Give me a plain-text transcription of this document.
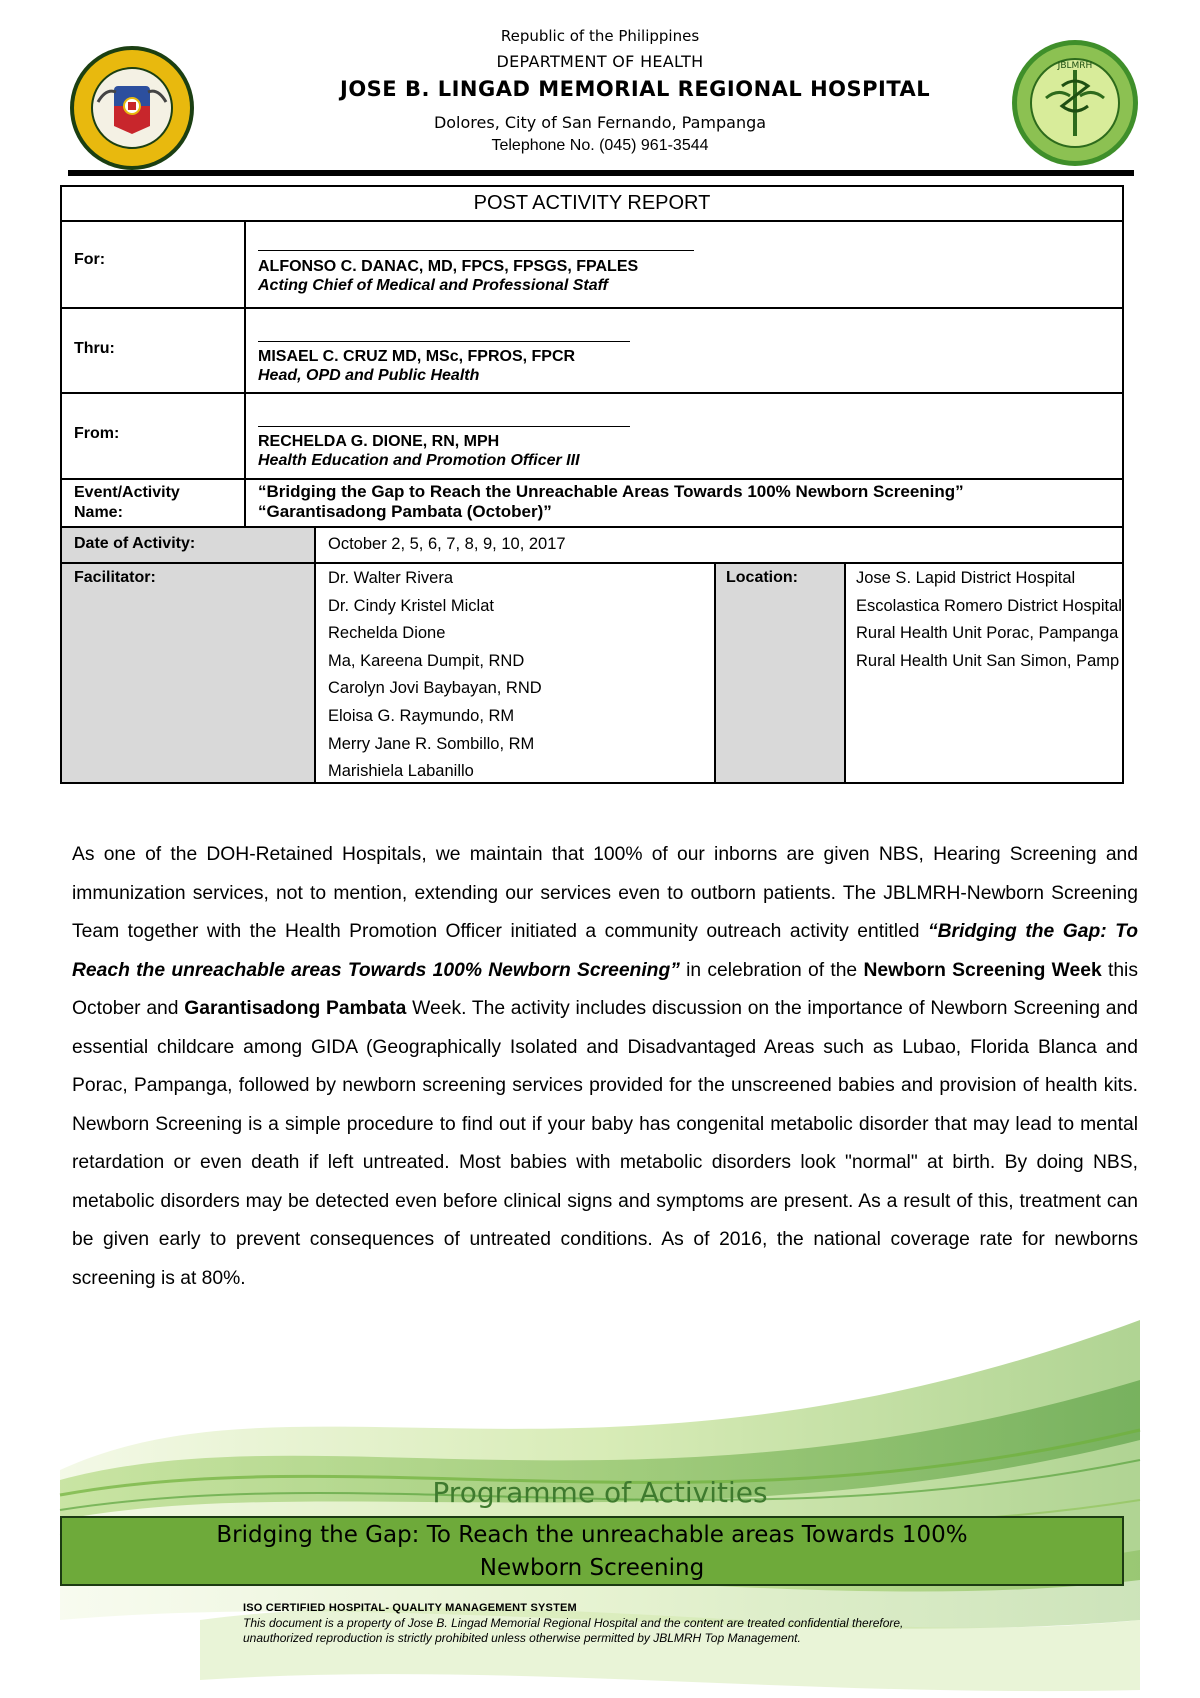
Republic of the Philippines
DEPARTMENT OF HEALTH
JOSE B. LINGAD MEMORIAL REGIONAL HOSPITAL
Dolores, City of San Fernando, Pampanga
Telephone No. (045) 961-3544
JBLMRH
POST ACTIVITY REPORT
For:	ALFONSO C. DANAC, MD, FPCS, FPSGS, FPALES
Acting Chief of Medical and Professional Staff
Thru:	MISAEL C. CRUZ MD, MSc, FPROS, FPCR
Head, OPD and Public Health
From:	RECHELDA G. DIONE, RN, MPH
Health Education and Promotion Officer III
Event/Activity
Name:
“Bridging the Gap to Reach the Unreachable Areas Towards 100% Newborn Screening”
“Garantisadong Pambata (October)”
Date of Activity:	October 2, 5, 6, 7, 8, 9, 10, 2017
Facilitator:	Dr. Walter Rivera
Dr. Cindy Kristel Miclat
Rechelda Dione
Ma, Kareena Dumpit, RND
Carolyn Jovi Baybayan, RND
Eloisa G. Raymundo, RM
Merry Jane R. Sombillo, RM
Marishiela Labanillo
Location:	Jose S. Lapid District Hospital
Escolastica Romero District Hospital
Rural Health Unit Porac, Pampanga
Rural Health Unit San Simon, Pamp
As one of the DOH-Retained Hospitals, we maintain that 100% of our inborns are given NBS, Hearing Screening and immunization services, not to mention, extending our services even to outborn patients. The JBLMRH-Newborn Screening Team together with the Health Promotion Officer initiated a community outreach activity entitled “Bridging the Gap: To Reach the unreachable areas Towards 100% Newborn Screening” in celebration of the Newborn Screening Week this October and Garantisadong Pambata Week. The activity includes discussion on the importance of Newborn Screening and essential childcare among GIDA (Geographically Isolated and Disadvantaged Areas such as Lubao, Florida Blanca and Porac, Pampanga, followed by newborn screening services provided for the unscreened babies and provision of health kits. Newborn Screening is a simple procedure to find out if your baby has congenital metabolic disorder that may lead to mental retardation or even death if left untreated. Most babies with metabolic disorders look "normal" at birth. By doing NBS, metabolic disorders may be detected even before clinical signs and symptoms are present. As a result of this, treatment can be given early to prevent consequences of untreated conditions. As of 2016, the national coverage rate for newborns screening is at 80%.
Programme of Activities
Bridging the Gap: To Reach the unreachable areas Towards 100%
Newborn Screening
ISO CERTIFIED HOSPITAL- QUALITY MANAGEMENT SYSTEM
This document is a property of Jose B. Lingad Memorial Regional Hospital and the content are treated confidential therefore,
unauthorized reproduction is strictly prohibited unless otherwise permitted by JBLMRH Top Management.
